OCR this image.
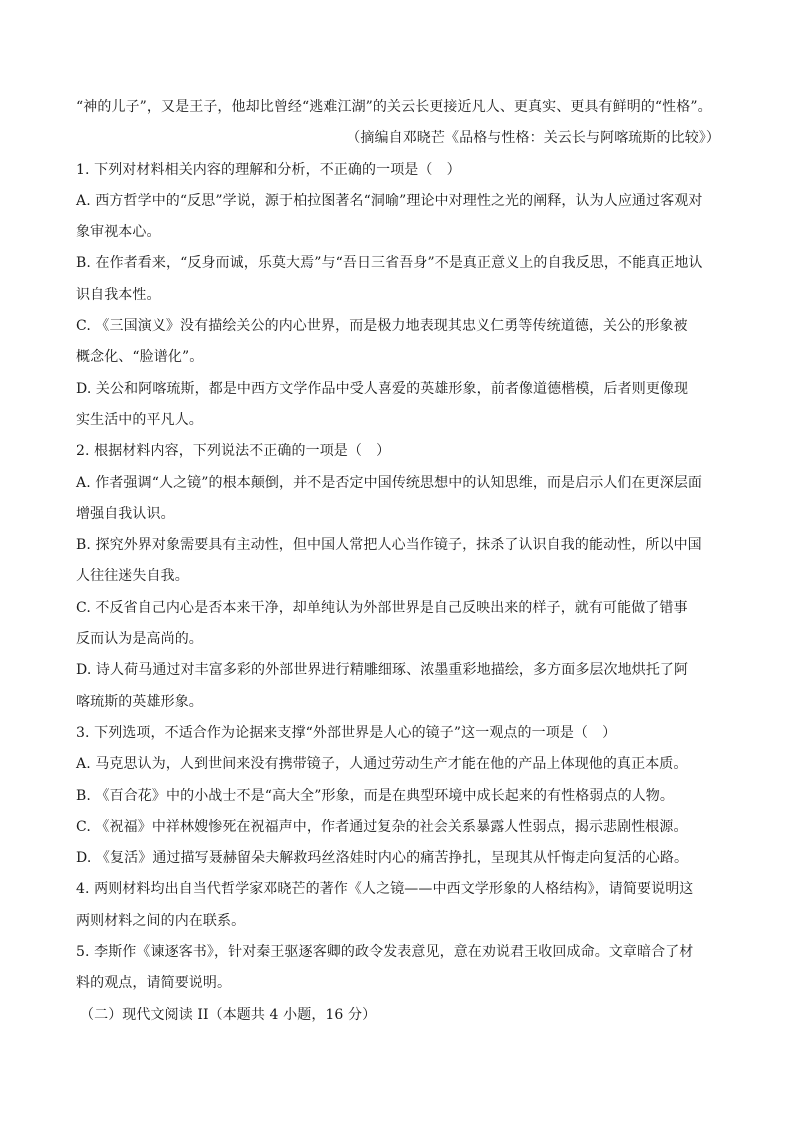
“神的儿子”，又是王子，他却比曾经“逃难江湖”的关云长更接近凡人、更真实、更具有鲜明的“性格”。
（摘编自邓晓芒《品格与性格：关云长与阿喀琉斯的比较》）
1. 下列对材料相关内容的理解和分析，不正确的一项是（　）
A. 西方哲学中的“反思”学说，源于柏拉图著名“洞喻”理论中对理性之光的阐释，认为人应通过客观对
象审视本心。
B. 在作者看来，“反身而诚，乐莫大焉”与“吾日三省吾身”不是真正意义上的自我反思，不能真正地认
识自我本性。
C. 《三国演义》没有描绘关公的内心世界，而是极力地表现其忠义仁勇等传统道德，关公的形象被
概念化、“脸谱化”。
D. 关公和阿喀琉斯，都是中西方文学作品中受人喜爱的英雄形象，前者像道德楷模，后者则更像现
实生活中的平凡人。
2. 根据材料内容，下列说法不正确的一项是（　）
A. 作者强调“人之镜”的根本颠倒，并不是否定中国传统思想中的认知思维，而是启示人们在更深层面
增强自我认识。
B. 探究外界对象需要具有主动性，但中国人常把人心当作镜子，抹杀了认识自我的能动性，所以中国
人往往迷失自我。
C. 不反省自己内心是否本来干净，却单纯认为外部世界是自己反映出来的样子，就有可能做了错事
反而认为是高尚的。
D. 诗人荷马通过对丰富多彩的外部世界进行精雕细琢、浓墨重彩地描绘，多方面多层次地烘托了阿
喀琉斯的英雄形象。
3. 下列选项，不适合作为论据来支撑“外部世界是人心的镜子”这一观点的一项是（　）
A. 马克思认为，人到世间来没有携带镜子，人通过劳动生产才能在他的产品上体现他的真正本质。
B. 《百合花》中的小战士不是“高大全”形象，而是在典型环境中成长起来的有性格弱点的人物。
C. 《祝福》中祥林嫂惨死在祝福声中，作者通过复杂的社会关系暴露人性弱点，揭示悲剧性根源。
D. 《复活》通过描写聂赫留朵夫解救玛丝洛娃时内心的痛苦挣扎，呈现其从忏悔走向复活的心路。
4. 两则材料均出自当代哲学家邓晓芒的著作《人之镜——中西文学形象的人格结构》，请简要说明这
两则材料之间的内在联系。
5. 李斯作《谏逐客书》，针对秦王驱逐客卿的政令发表意见，意在劝说君王收回成命。文章暗合了材
料的观点，请简要说明。
（二）现代文阅读 II（本题共 4 小题，16 分）
